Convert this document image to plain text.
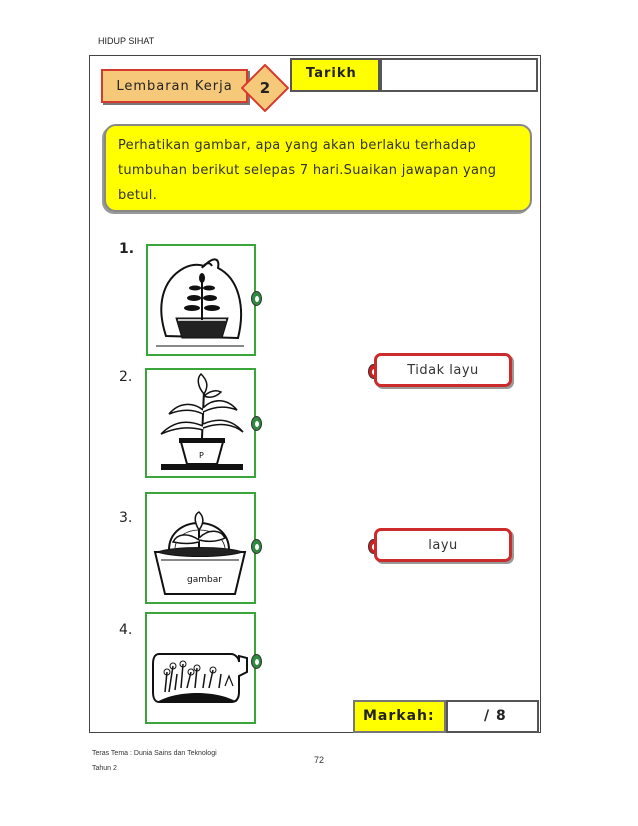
HIDUP SIHAT
Lembaran Kerja	2
Tarikh
Perhatikan gambar, apa yang akan berlaku terhadap tumbuhan berikut selepas 7 hari.Suaikan jawapan yang betul.
1.
2.
P
3.
gambar
4.
Tidak layu
layu
Markah:	/ 8
Teras Tema : Dunia Sains dan Teknologi
Tahun 2
72
